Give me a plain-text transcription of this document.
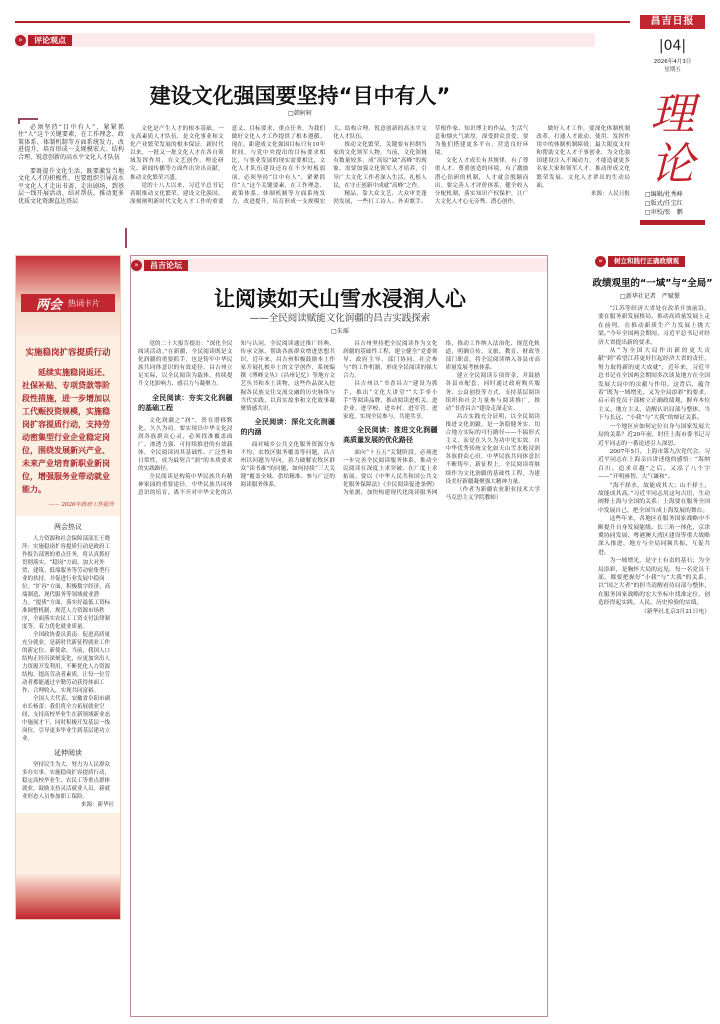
昌吉日报
|04|
2026年4月3日
星期五
理
论
□编辑/杜秀峰
□版式/任宝红
□审校/张　鹏
»	评论观点
建设文化强国要坚持“目中有人”
□韩轲轲

必须坚持“目中有人”，紧紧抓住“人”这个关键要素，在工作理念、政策体系、体制机制等方面系统发力，改进提升，培育形成一支规模宏大、结构合理、锐意创新的高水平文化人才队伍

要既提升文化生活，既要激发当地文化人才的积极性，也要组织引导高水平文化人才走出书斋、走出剧场，到基层一线开展活动、结对帮扶，推动更多优质文化资源直达基层

文化是产生人才的根本基础，一支高素质人才队伍，是文化事业和文化产业繁荣发展的根本保证。新时代以来，一批又一批文化人才在各自领域发挥作用，在文艺创作、理论研究、新闻传播等方面作出突出贡献，推动文化繁荣兴盛。

党的十八大以来，习近平总书记着眼推动文化繁荣、建设文化强国，深刻阐明新时代文化人才工作的重要意义、目标要求、重点任务，为我们做好文化人才工作提供了根本遵循。现在，距建成文化强国目标只有10年时间，与党中央提出的目标要求相比，与事业发展的现实需要相比，文化人才队伍建设还存在不少短板弱项。必须坚持“目中有人”，紧紧抓住“人”这个关键要素，在工作理念、政策体系、体制机制等方面系统发力，改进提升，培育形成一支规模宏大、结构合理、锐意创新的高水平文化人才队伍。

推动文化繁荣，关键要有担纲当家的文化领军人物。当前，文化领域有数量较多、成“高原”缺“高峰”的现象，需要加强文化领军人才培养，引导广大文化工作者深入生活、扎根人民，在守正创新中成就“高峰”之作。

精品，靠大众文艺、大众审美蓬勃发展，一些打工诗人、外卖歌手、草根作家、知识博主的作品，生活气息和烟火气浓厚，深受群众喜爱。要为他们搭建更多平台，营造良好环境。

文化人才成长有其规律，有了尊重人才、尊重创造的环境，有了激励潜心钻研的机制，人才就会脱颖而出。要完善人才评价体系，健全收入分配机制，落实知识产权保护，让广大文化人才心无旁骛、潜心创作。

做好人才工作，要深化体制机制改革，打通人才流动、使用、发挥作用中的体制机制障碍，最大限度支持和帮助文化人才干事创业，为文化强国建设注入不竭动力，才能造就更多名家大家和领军人才，推动形成文化繁荣发展、文化人才辈出的生动局面。

来源：人民日报

两会 热词卡片
实施稳岗扩容提质行动

延续实施稳岗返还、社保补贴、专项贷款等阶段性措施，进一步增加以工代赈投资规模，实施稳岗扩容提质行动，支持劳动密集型行业企业稳定岗位，围绕发展新兴产业、未来产业培育新职业新岗位，增强服务业带动就业能力。

—— 2026年政府工作报告
两会热议

人力资源和社会保障部部长王晓萍：实施稳岗扩容提质行动是政府工作报告部署的重点任务，将认真抓好贯彻落实。“稳岗”方面，加大对外贸、建筑、低端服务等劳动密集型行业的扶持，并促进行业发展中稳岗位。“扩容”方面，积极数字经济、高端制造、现代服务等领域就业潜力。“提质”方面，落实好最低工资标准调整机制，规范人力资源市场秩序，全面落实农民工工资支付法律制度等，着力优化就业质量。

全国政协委员黄南：促进高质量充分就业，是新时代新征程就业工作的新定位、新使命。当前，我国人口结构正经历深刻变化，应更加突出人力资源开发利用，不断优化人力资源结构，提高劳动者素质，让每一位劳动者都能通过辛勤劳动获得体面工作、合理收入，实现共同富裕。

全国人大代表、安徽省阜阳市副市长杨蕾：我们将全力拓展就业空间，支持高校毕业生在新领域新业态中施展才干，同时积极开发基层一线岗位，引导更多毕业生到基层建功立业。

延伸阅读

坚持民生为大，努力为人民群众多办实事。实施稳岗扩容提质行动，稳定高校毕业生、农民工等重点群体就业，鼓励支持灵活就业人员、新就业形态人员参加职工保险。

来源：新华社

»	昌吉论坛
让阅读如天山雪水浸润人心
——全民阅读赋能文化润疆的昌吉实践探索
□朱瑶

党的二十大报告提出：“深化全民阅读活动。”在新疆，全民阅读既是文化润疆的重要抓手，也是铸牢中华民族共同体意识的有效途径。昌吉州立足实际，以全民阅读为载体，持续提升文化影响力、感召力与凝聚力。

全民阅读：夯实文化润疆的基础工程

文化润疆之“润”，贵在潜移默化、久久为功。要实现以中华文化浸润各族群众心灵，必须找准覆盖面广、渗透力强、可持续推进的有效载体。全民阅读因其基础性、广泛性和日常性，成为最契合“润”的本质要求的实践路径。

全民阅读是构筑中华民族共有精神家园的重要途径。中华民族共同体意识的培育，离不开对中华文化的认知与认同。全民阅读通过推广经典、传承文脉，帮助各族群众增进思想共识，近年来，昌吉州积极鼓励本土作家开展扎根乡土的文学创作，系统编撰《博峰文丛》《昌州记忆》等地方文艺丛书和本土读物，这些作品深入挖掘各民族交往交流交融的历史脉络与当代实践，以真实故事和文化故事凝聚情感共识。

全民阅读：深化文化润疆的内涵

面对城乡公共文化服务资源分布不均、农牧区服务覆盖等问题，昌吉州以问题为导向，着力破解农牧区群众“读书难”的问题，如何持续“三大关键”覆盖全域、供给精准、参与广泛的阅读服务体系。

昌吉州坚持把全民阅读作为文化润疆的基础性工程，建立健全“党委领导、政府主导、部门协同、社会参与”的工作机制，形成全民阅读的强大合力。

昌吉州以“书香昌吉”建设为抓手，推出“文化大讲堂”“大手牵小手”等阅读品牌，推动阅读进机关、进企业、进学校、进乡村、进军营、进家庭，实现全民参与、共建共享。

全民阅读：推进文化润疆高质量发展的优化路径

面向“十五五”关键阶段，必须进一步完善全民阅读服务体系，推动全民阅读在深度上求突破、在广度上求拓展。要以《中华人民共和国公共文化服务保障法》《全民阅读促进条例》为依据，加快构建现代化阅读服务网络，推动工作纳入法治化、规范化轨道，明确宣传、文旅、教育、财政等部门职责，将全民阅读纳入各县市高质量发展考核体系。

建立全民阅读专项资金，并鼓励各县市配套，同时通过政府购买服务、公益创投等方式，支持基层阅读组织和社会力量参与阅读推广，推动“书香昌吉”建设走深走实。

昌吉实践充分证明，以全民阅读推进文化润疆，是一条稳健务实、切合地方实际的可行路径——不搞形式主义，而是在久久为功中见实效。自中华优秀传统文化如天山雪水般浸润各族群众心田，中华民族共同体意识不断铸牢，新征程上，全民阅读将继续作为文化润疆的基础性工程，为建设美好新疆凝聚强大精神力量。

（作者为新疆农业职业技术大学马克思主义学院教师）

»	树立和践行正确政绩观
政绩观里的“一域”与“全局”
□新华社记者　严赋憬

“江苏等经济大省处在改革开放前沿，要在服务新发展格局、推动高质量发展上走在前列，在推动新质生产力发展上挑大梁。”今年全国两会期间，习近平总书记对经济大省提出新的要求。

从“为全国大局作出新的更大贡献”到“希望江苏更好扛起经济大省的责任，努力取得新的更大成就”，近年来，习近平总书记在全国两会期间多次谈及地方在全国发展大局中的贡献与作用。这背后，蕴含着“既为一域增光、又为全局添彩”的要求，启示着党员干部树立正确政绩观，摒弃本位主义、地方主义，清醒认识局部与整体、当下与长远、“小我”与“大我”的辩证关系。

一个地区应如何定位自身与国家发展大局的关系？近20年前，时任上海市委书记习近平同志的一番论述引人深思。

2007年5月，上海市第九次党代会。习近平同志在上海亲自讲述他的感悟：“海纳百川、追求卓越”之后，又添了八个字——“开明睿智、大气谦和”。

“海不择水，故能成其大；山不择土，故能成其高。”习近平同志用这句古语，生动阐释上海与全国的关系：上海要在服务全国中发展自己，把全国当成上海发展的舞台。

这些年来，各地区在服务国家战略中不断提升自身发展能级。长三角一体化、京津冀协同发展、粤港澳大湾区建设等重大战略深入推进，地方与全局同频共振、互促共进。

为一域增光，是守土有责的基石；为全局添彩，是胸怀大局的远见。每一名党员干部，都要把握好“小我”与“大我”的关系，以“国之大者”的担当清醒看待局部与整体，在服务国家战略的宏大坐标中找准定位，创造经得起实践、人民、历史检验的实绩。

（新华社北京3月21日电）
